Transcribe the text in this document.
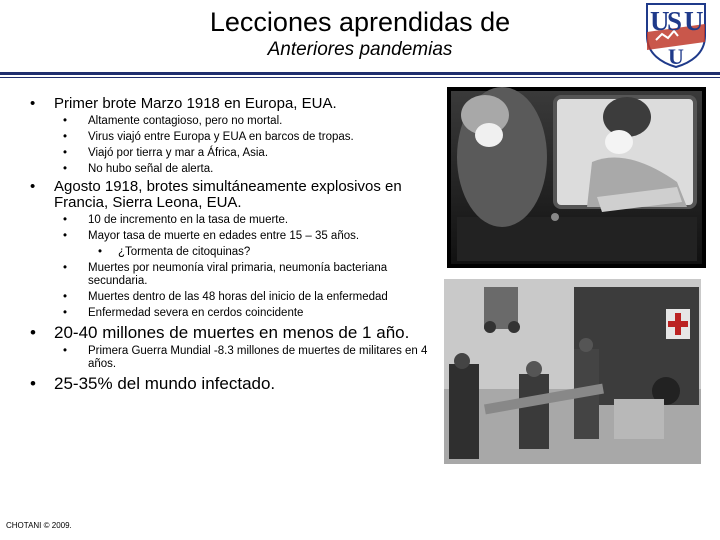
Lecciones aprendidas de
Anteriores pandemias
U
S U
U
• Primer brote Marzo 1918 en Europa, EUA.
• Altamente contagioso, pero no mortal.
• Virus viajó entre Europa y EUA en barcos de tropas.
• Viajó por tierra y mar a África, Asia.
• No hubo señal de alerta.
• Agosto 1918, brotes simultáneamente explosivos en Francia, Sierra Leona, EUA.
• 10 de incremento en la tasa de muerte.
• Mayor tasa de muerte en edades entre 15 – 35 años.
• ¿Tormenta de citoquinas?
• Muertes por neumonía viral primaria, neumonía bacteriana secundaria.
• Muertes dentro de las 48 horas del inicio de la enfermedad
• Enfermedad severa en cerdos coincidente
• 20-40 millones de muertes en menos de 1 año.
• Primera Guerra Mundial -8.3 millones de muertes de militares en 4 años.
• 25-35% del mundo infectado.
CHOTANI © 2009.
